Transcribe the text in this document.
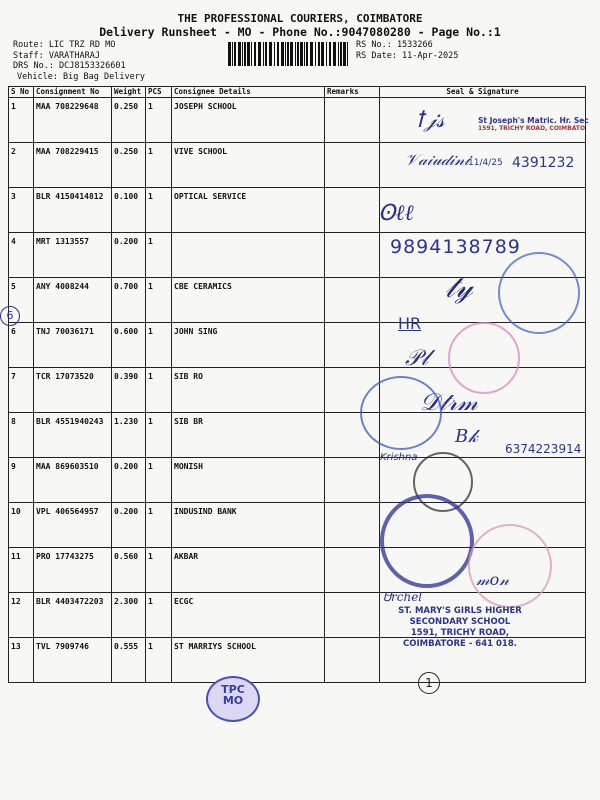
THE PROFESSIONAL COURIERS, COIMBATORE
Delivery Runsheet - MO - Phone No.:9047080280 - Page No.:1
Route: LIC TRZ RD MO
Staff: VARATHARAJ
DRS No.: DCJ8153326601
Vehicle: Big Bag Delivery
RS No.: 1533266
RS Date: 11-Apr-2025
S No	Consignment No	Weight	PCS	Consignee Details	Remarks	Seal & Signature
1	MAA 708229648	0.250	1	JOSEPH SCHOOL		
2	MAA 708229415	0.250	1	VIVE SCHOOL		
3	BLR 4150414812	0.100	1	OPTICAL SERVICE		
4	MRT 1313557	0.200	1			
5	ANY 4008244	0.700	1	CBE CERAMICS		
6	TNJ 70036171	0.600	1	JOHN SING		
7	TCR 17073520	0.390	1	SIB RO		
8	BLR 4551940243	1.230	1	SIB BR		
9	MAA 869603510	0.200	1	MONISH		
10	VPL 406564957	0.200	1	INDUSIND BANK		
11	PRO 17743275	0.560	1	AKBAR		
12	BLR 4403472203	2.300	1	ECGC		
13	TVL 7909746	0.555	1	ST MARRIYS SCHOOL		
St Joseph's Matric. Hr. Sec
1591, TRICHY ROAD, COIMBATO
ꝉ𝒿𝓈
𝒱𝒶𝒾𝓊𝒹𝒾𝓃𝒾
11/4/25 4391232
Ꙩℓℓ
9894138789
𝓉𝓎
HR
6
𝒫𝓁
𝒟𝓉𝓇𝓂
𝐵𝓀
6374223914
Krishna
𝓂𝑜𝓃
Ꮜrchel
ST. MARY'S GIRLS HIGHER SECONDARY SCHOOL
1591, TRICHY ROAD,
COIMBATORE - 641 018.
TPC
MO
1
